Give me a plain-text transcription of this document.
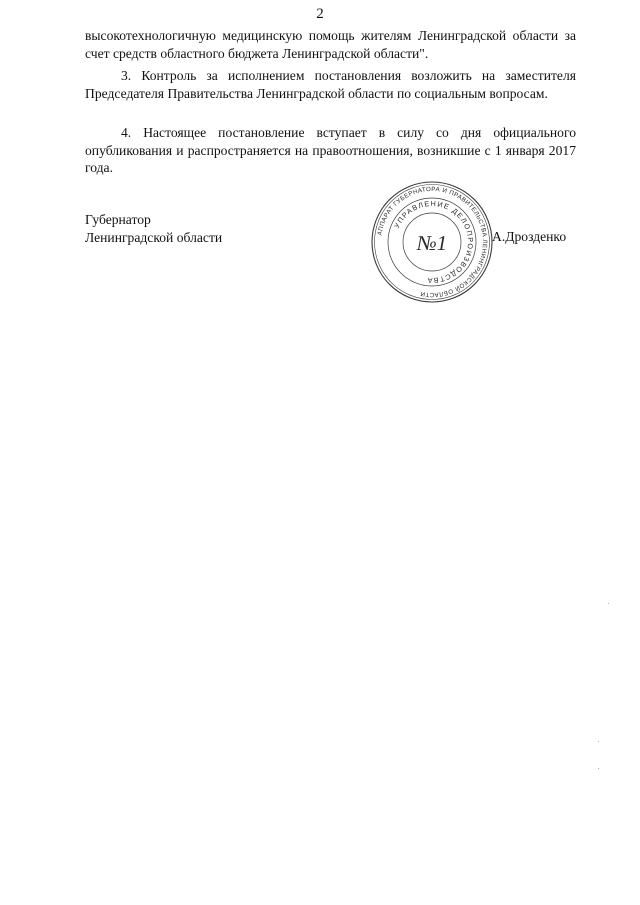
2

высокотехнологичную медицинскую помощь жителям Ленинградской области за счет средств областного бюджета Ленинградской области".

3. Контроль за исполнением постановления возложить на заместителя Председателя Правительства Ленинградской области по социальным вопросам.

4. Настоящее постановление вступает в силу со дня официального опубликования и распространяется на правоотношения, возникшие с 1 января 2017 года.

Губернатор
Ленинградской области	АППАРАТ ГУБЕРНАТОРА И ПРАВИТЕЛЬСТВА ЛЕНИНГРАДСКОЙ ОБЛАСТИ
УПРАВЛЕНИЕ ДЕЛОПРОИЗВОДСТВА
№1	А.Дрозденко
